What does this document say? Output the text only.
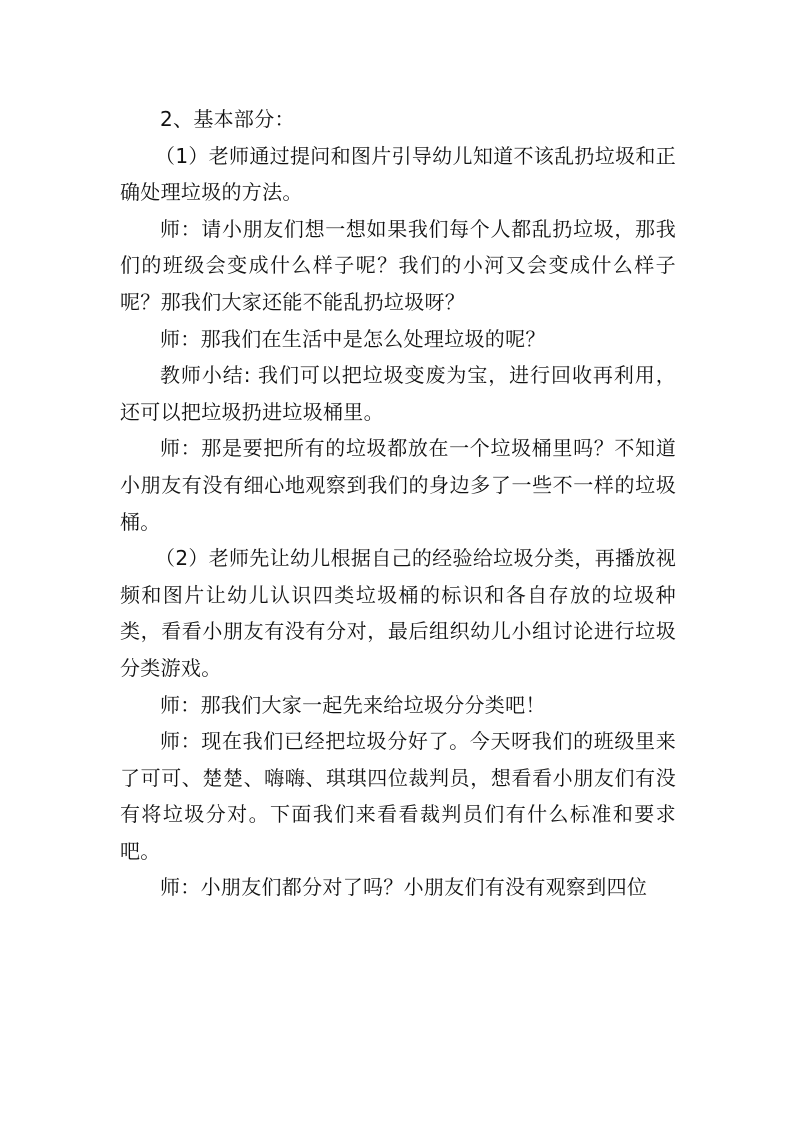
2、基本部分：

（1）老师通过提问和图片引导幼儿知道不该乱扔垃圾和正确处理垃圾的方法。

师：请小朋友们想一想如果我们每个人都乱扔垃圾，那我们的班级会变成什么样子呢？我们的小河又会变成什么样子呢？那我们大家还能不能乱扔垃圾呀？

师：那我们在生活中是怎么处理垃圾的呢？

教师小结: 我们可以把垃圾变废为宝，进行回收再利用，还可以把垃圾扔进垃圾桶里。

师：那是要把所有的垃圾都放在一个垃圾桶里吗？不知道小朋友有没有细心地观察到我们的身边多了一些不一样的垃圾桶。

（2）老师先让幼儿根据自己的经验给垃圾分类，再播放视频和图片让幼儿认识四类垃圾桶的标识和各自存放的垃圾种类，看看小朋友有没有分对，最后组织幼儿小组讨论进行垃圾分类游戏。

师：那我们大家一起先来给垃圾分分类吧！

师：现在我们已经把垃圾分好了。今天呀我们的班级里来了可可、楚楚、嗨嗨、琪琪四位裁判员，想看看小朋友们有没有将垃圾分对。下面我们来看看裁判员们有什么标准和要求吧。

师：小朋友们都分对了吗？小朋友们有没有观察到四位
